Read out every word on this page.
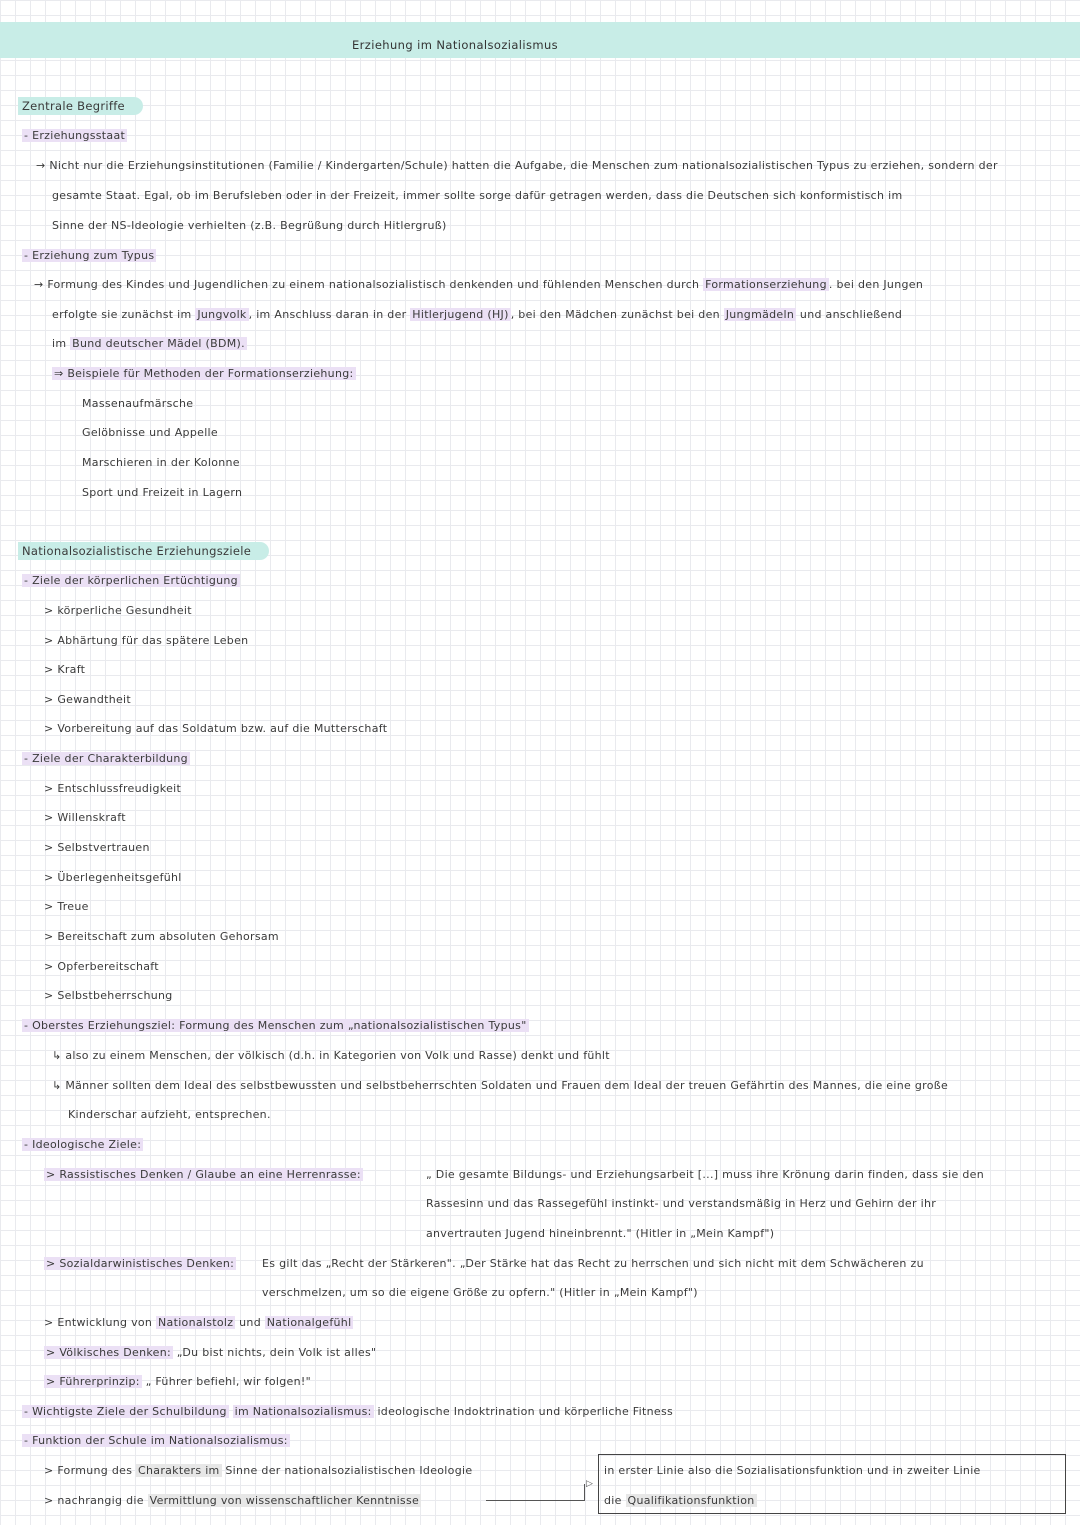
Erziehung im Nationalsozialismus
Zentrale Begriffe
- Erziehungsstaat
→ Nicht nur die Erziehungsinstitutionen (Familie / Kindergarten/Schule) hatten die Aufgabe, die Menschen zum nationalsozialistischen Typus zu erziehen, sondern der
gesamte Staat. Egal, ob im Berufsleben oder in der Freizeit, immer sollte sorge dafür getragen werden, dass die Deutschen sich konformistisch im
Sinne der NS-Ideologie verhielten (z.B. Begrüßung durch Hitlergruß)
- Erziehung zum Typus
→ Formung des Kindes und Jugendlichen zu einem nationalsozialistisch denkenden und fühlenden Menschen durch Formationserziehung . bei den Jungen
erfolgte sie zunächst im Jungvolk , im Anschluss daran in der Hitlerjugend (HJ) , bei den Mädchen zunächst bei den Jungmädeln und anschließend
im Bund deutscher Mädel (BDM).
⇒ Beispiele für Methoden der Formationserziehung:
Massenaufmärsche
Gelöbnisse und Appelle
Marschieren in der Kolonne
Sport und Freizeit in Lagern
Nationalsozialistische Erziehungsziele
- Ziele der körperlichen Ertüchtigung
> körperliche Gesundheit
> Abhärtung für das spätere Leben
> Kraft
> Gewandtheit
> Vorbereitung auf das Soldatum bzw. auf die Mutterschaft
- Ziele der Charakterbildung
> Entschlussfreudigkeit
> Willenskraft
> Selbstvertrauen
> Überlegenheitsgefühl
> Treue
> Bereitschaft zum absoluten Gehorsam
> Opferbereitschaft
> Selbstbeherrschung
- Oberstes Erziehungsziel: Formung des Menschen zum „nationalsozialistischen Typus"
↳ also zu einem Menschen, der völkisch (d.h. in Kategorien von Volk und Rasse) denkt und fühlt
↳ Männer sollten dem Ideal des selbstbewussten und selbstbeherrschten Soldaten und Frauen dem Ideal der treuen Gefährtin des Mannes, die eine große
Kinderschar aufzieht, entsprechen.
- Ideologische Ziele:
> Rassistisches Denken / Glaube an eine Herrenrasse:	„ Die gesamte Bildungs- und Erziehungsarbeit [...] muss ihre Krönung darin finden, dass sie den
Rassesinn und das Rassegefühl instinkt- und verstandsmäßig in Herz und Gehirn der ihr
anvertrauten Jugend hineinbrennt." (Hitler in „Mein Kampf")
> Sozialdarwinistisches Denken:	Es gilt das „Recht der Stärkeren". „Der Stärke hat das Recht zu herrschen und sich nicht mit dem Schwächeren zu
verschmelzen, um so die eigene Größe zu opfern." (Hitler in „Mein Kampf")
> Entwicklung von Nationalstolz und Nationalgefühl
> Völkisches Denken: „Du bist nichts, dein Volk ist alles"
> Führerprinzip: „ Führer befiehl, wir folgen!"
- Wichtigste Ziele der Schulbildung im Nationalsozialismus: ideologische Indoktrination und körperliche Fitness
- Funktion der Schule im Nationalsozialismus:
> Formung des Charakters im Sinne der nationalsozialistischen Ideologie
> nachrangig die Vermittlung von wissenschaftlicher Kenntnisse
▷
in erster Linie also die Sozialisationsfunktion und in zweiter Linie
die Qualifikationsfunktion
